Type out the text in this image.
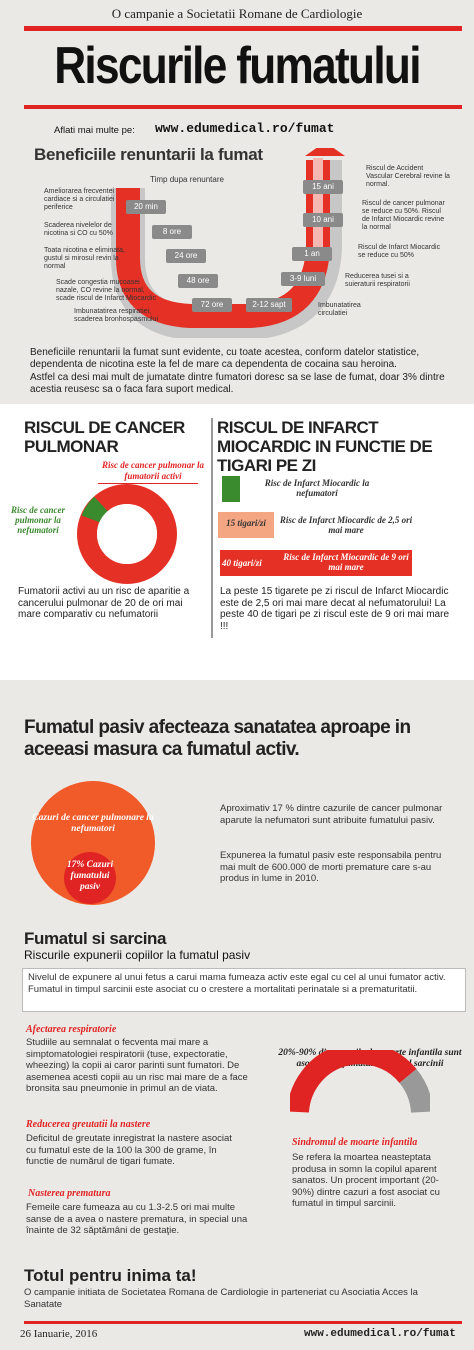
O campanie a Societatii Romane de Cardiologie
Riscurile fumatului
Aflati mai multe pe: www.edumedical.ro/fumat
Beneficiile renuntarii la fumat
Timp dupa renuntare
20 min
8 ore
24 ore
48 ore
72 ore
15 ani
10 ani
1 an
3-9 luni
2-12 sapt
Ameliorarea frecventei cardiace si a circulatiei periferice
Scaderea nivelelor de nicotina si CO cu 50%
Toata nicotina e eliminata, gustul si mirosul revin la normal
Scade congestia mucoasei nazale, CO revine la normal, scade riscul de Infarct Miocardic
Imbunatatirea respiratiei, scaderea bronhospasmului
Riscul de Accident Vascular Cerebral revine la normal.
Riscul de cancer pulmonar se reduce cu 50%. Riscul de Infarct Miocardic revine la normal
Riscul de Infarct Miocardic se reduce cu 50%
Reducerea tusei si a suieraturii respiratorii
Imbunatatirea circulatiei
Beneficiile renuntarii la fumat sunt evidente, cu toate acestea, conform datelor statistice, dependenta de nicotina este la fel de mare ca dependenta de cocaina sau heroina.
Astfel ca desi mai mult de jumatate dintre fumatori doresc sa se lase de fumat, doar 3% dintre acestia reusesc sa o faca fara suport medical.
RISCUL DE CANCER PULMONAR
RISCUL DE INFARCT MIOCARDIC IN FUNCTIE DE TIGARI PE ZI
Risc de cancer pulmonar la fumatorii activi
Risc de cancer pulmonar la nefumatori
Fumatorii activi au un risc de aparitie a cancerului pulmonar de 20 de ori mai mare comparativ cu nefumatorii
Risc de Infarct Miocardic la nefumatori
15 tigari/zi	Risc de Infarct Miocardic de 2,5 ori mai mare
40 tigari/zi
Risc de Infarct Miocardic de 9 ori mai mare
La peste 15 tigarete pe zi riscul de Infarct Miocardic este de 2,5 ori mai mare decat al nefumatorului! La peste 40 de tigari pe zi riscul este de 9 ori mai mare !!!
Fumatul pasiv afecteaza sanatatea aproape in aceeasi masura ca fumatul activ.
Cazuri de cancer pulmonare la nefumatori
17% Cazuri fumatului pasiv
Aproximativ 17 % dintre cazurile de cancer pulmonar aparute la nefumatori sunt atribuite fumatului pasiv.
Expunerea la fumatul pasiv este responsabila pentru mai mult de 600.000 de morti premature care s-au produs in lume in 2010.
Fumatul si sarcina
Riscurile expunerii copiilor la fumatul pasiv
Nivelul de expunere al unui fetus a carui mama fumeaza activ este egal cu cel al unui fumator activ. Fumatul in timpul sarcinii este asociat cu o crestere a mortalitati perinatale si a prematuritatii.
Afectarea respiratorie
Studiile au semnalat o fecventa mai mare a simptomatologiei respiratorii (tuse, expectoratie, wheezing) la copii ai caror parinti sunt fumatori. De asemenea acesti copii au un risc mai mare de a face bronsita sau pneumonie in primul an de viata.
Reducerea greutatii la nastere
Deficitul de greutate inregistrat la nastere asociat cu fumatul este de la 100 la 300 de grame, în functie de numărul de tigari fumate.
Nasterea prematura
Femeile care fumeaza au cu 1.3-2.5 ori mai multe sanse de a avea o nastere prematura, in special una înainte de 32 săptămâni de gestaţie.
20%-90% din cazurile de moarte infantila sunt asociate cu fumatul in timpul sarcinii
Sindromul de moarte infantila
Se refera la moartea neasteptata produsa in somn la copilul aparent sanatos. Un procent important (20-90%) dintre cazuri a fost asociat cu fumatul in timpul sarcinii.
Totul pentru inima ta!
O campanie initiata de Societatea Romana de Cardiologie in parteneriat cu Asociatia Acces la Sanatate
26 Ianuarie, 2016	www.edumedical.ro/fumat
